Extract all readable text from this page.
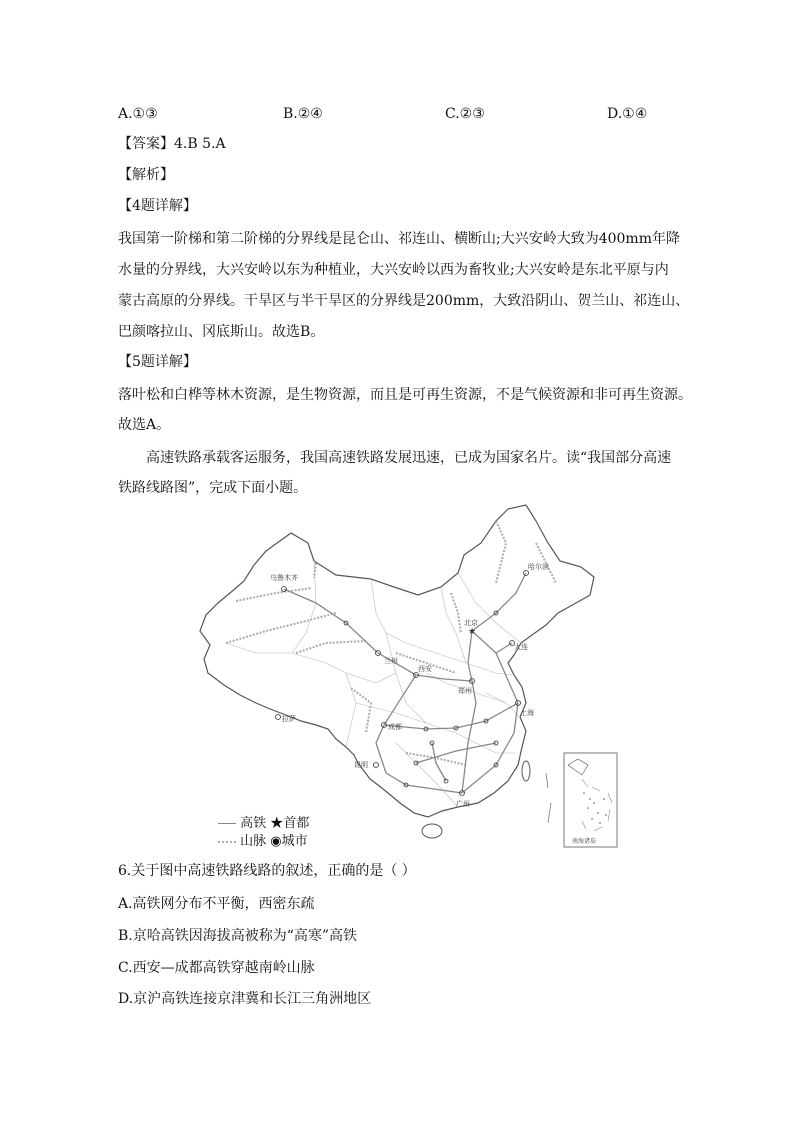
A.①③	B.②④	C.②③	D.①④
【答案】4.B 5.A
【解析】
【4题详解】
我国第一阶梯和第二阶梯的分界线是昆仑山、祁连山、横断山;大兴安岭大致为400mm年降
水量的分界线，大兴安岭以东为种植业，大兴安岭以西为畜牧业;大兴安岭是东北平原与内
蒙古高原的分界线。干旱区与半干旱区的分界线是200mm，大致沿阴山、贺兰山、祁连山、
巴颜喀拉山、冈底斯山。故选B。
【5题详解】
落叶松和白桦等林木资源，是生物资源，而且是可再生资源，不是气候资源和非可再生资源。
故选A。
高速铁路承载客运服务，我国高速铁路发展迅速，已成为国家名片。读“我国部分高速
铁路线路图”，完成下面小题。
★
乌鲁木齐
哈尔滨
北京
大连
西安
郑州
兰州
拉萨
成都
上海
昆明
广州
南海诸岛
高铁 ★首都
山脉 ◉城市
6.关于图中高速铁路线路的叙述，正确的是（ ）
A.高铁网分布不平衡，西密东疏
B.京哈高铁因海拔高被称为“高寒”高铁
C.西安—成都高铁穿越南岭山脉
D.京沪高铁连接京津冀和长江三角洲地区
